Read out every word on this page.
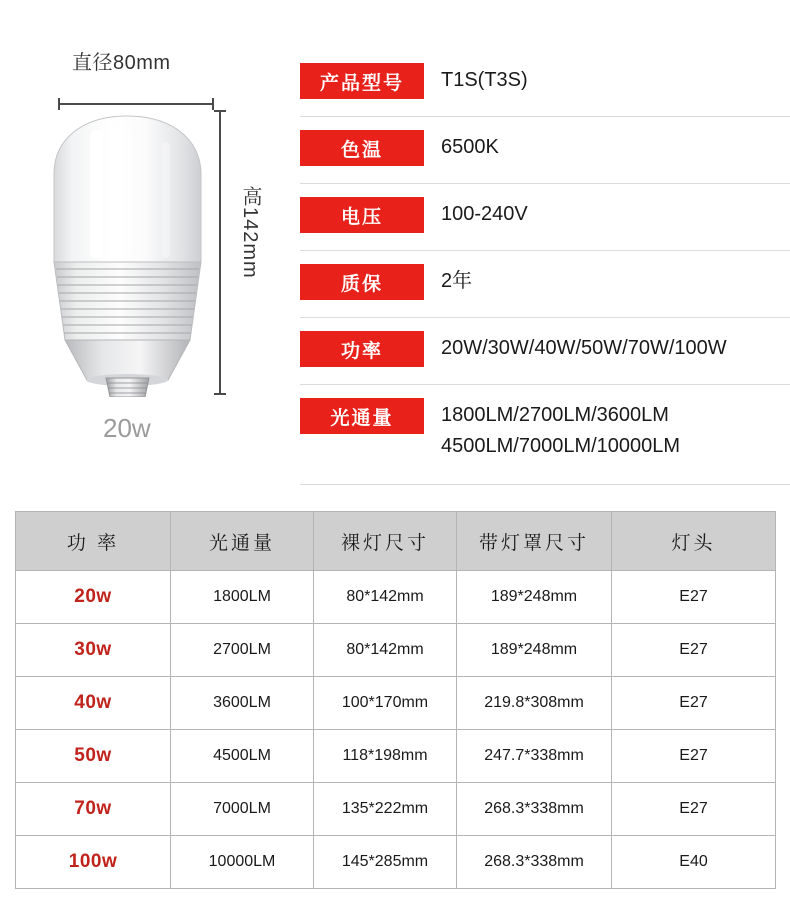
直径80mm
高142mm
20w
产品型号	T1S(T3S)
色温	6500K
电压	100-240V
质保	2年
功率	20W/30W/40W/50W/70W/100W
光通量	1800LM/2700LM/3600LM
4500LM/7000LM/10000LM
功 率	光通量	裸灯尺寸	带灯罩尺寸	灯头
20w	1800LM	80*142mm	189*248mm	E27
30w	2700LM	80*142mm	189*248mm	E27
40w	3600LM	100*170mm	219.8*308mm	E27
50w	4500LM	118*198mm	247.7*338mm	E27
70w	7000LM	135*222mm	268.3*338mm	E27
100w	10000LM	145*285mm	268.3*338mm	E40
